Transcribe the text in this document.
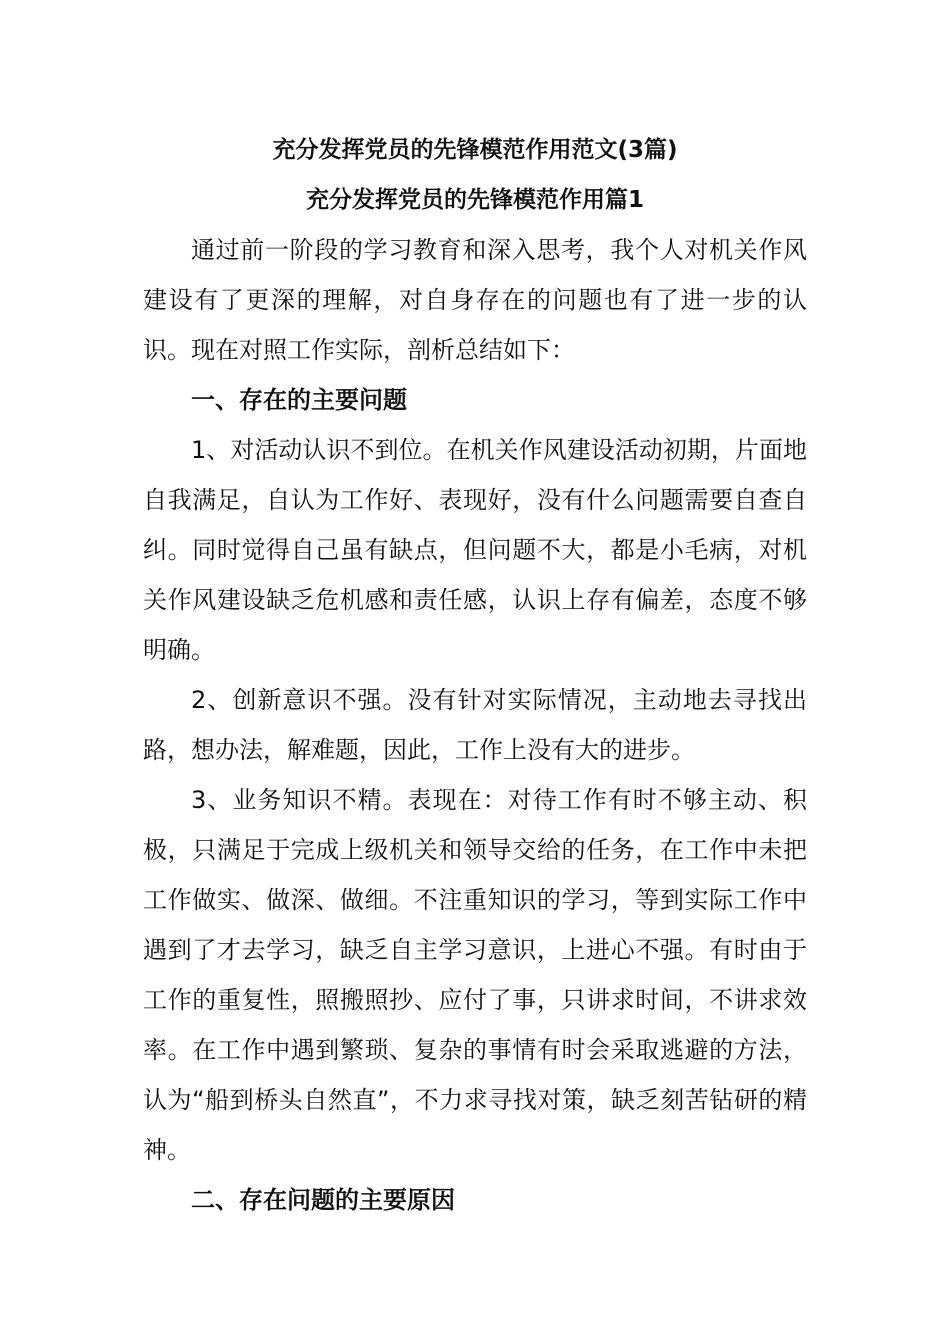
充分发挥党员的先锋模范作用范文(3篇)
充分发挥党员的先锋模范作用篇1

通过前一阶段的学习教育和深入思考，我个人对机关作风建设有了更深的理解，对自身存在的问题也有了进一步的认识。现在对照工作实际，剖析总结如下：

一、存在的主要问题

1、对活动认识不到位。在机关作风建设活动初期，片面地自我满足，自认为工作好、表现好，没有什么问题需要自查自纠。同时觉得自己虽有缺点，但问题不大，都是小毛病，对机关作风建设缺乏危机感和责任感，认识上存有偏差，态度不够明确。

2、创新意识不强。没有针对实际情况，主动地去寻找出路，想办法，解难题，因此，工作上没有大的进步。

3、业务知识不精。表现在：对待工作有时不够主动、积极，只满足于完成上级机关和领导交给的任务，在工作中未把工作做实、做深、做细。不注重知识的学习，等到实际工作中遇到了才去学习，缺乏自主学习意识，上进心不强。有时由于工作的重复性，照搬照抄、应付了事，只讲求时间，不讲求效率。在工作中遇到繁琐、复杂的事情有时会采取逃避的方法，认为“船到桥头自然直”，不力求寻找对策，缺乏刻苦钻研的精神。

二、存在问题的主要原因
